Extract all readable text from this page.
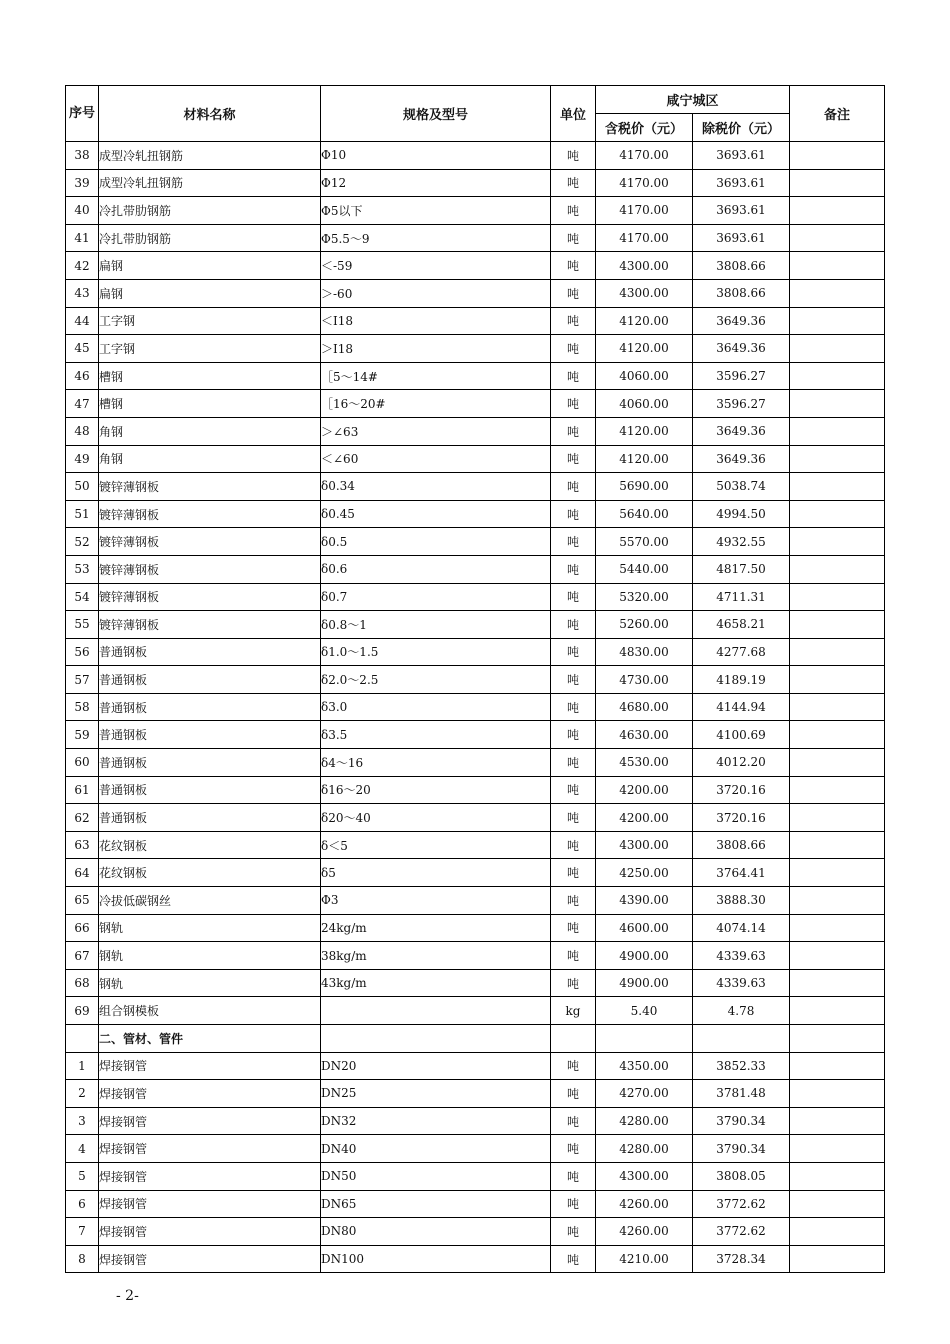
序号	材料名称	规格及型号	单位	咸宁城区		备注
				含税价（元）	除税价（元）	
38	成型冷轧扭钢筋	Φ10	吨	4170.00	3693.61	
39	成型冷轧扭钢筋	Φ12	吨	4170.00	3693.61	
40	冷扎带肋钢筋	Φ5以下	吨	4170.00	3693.61	
41	冷扎带肋钢筋	Φ5.5～9	吨	4170.00	3693.61	
42	扁钢	＜-59	吨	4300.00	3808.66	
43	扁钢	＞-60	吨	4300.00	3808.66	
44	工字钢	＜Ⅰ18	吨	4120.00	3649.36	
45	工字钢	＞Ⅰ18	吨	4120.00	3649.36	
46	槽钢	［5～14#	吨	4060.00	3596.27	
47	槽钢	［16～20#	吨	4060.00	3596.27	
48	角钢	＞∠63	吨	4120.00	3649.36	
49	角钢	＜∠60	吨	4120.00	3649.36	
50	镀锌薄钢板	δ0.34	吨	5690.00	5038.74	
51	镀锌薄钢板	δ0.45	吨	5640.00	4994.50	
52	镀锌薄钢板	δ0.5	吨	5570.00	4932.55	
53	镀锌薄钢板	δ0.6	吨	5440.00	4817.50	
54	镀锌薄钢板	δ0.7	吨	5320.00	4711.31	
55	镀锌薄钢板	δ0.8～1	吨	5260.00	4658.21	
56	普通钢板	δ1.0～1.5	吨	4830.00	4277.68	
57	普通钢板	δ2.0～2.5	吨	4730.00	4189.19	
58	普通钢板	δ3.0	吨	4680.00	4144.94	
59	普通钢板	δ3.5	吨	4630.00	4100.69	
60	普通钢板	δ4～16	吨	4530.00	4012.20	
61	普通钢板	δ16～20	吨	4200.00	3720.16	
62	普通钢板	δ20～40	吨	4200.00	3720.16	
63	花纹钢板	δ＜5	吨	4300.00	3808.66	
64	花纹钢板	δ5	吨	4250.00	3764.41	
65	冷拔低碳钢丝	Φ3	吨	4390.00	3888.30	
66	钢轨	24kg/m	吨	4600.00	4074.14	
67	钢轨	38kg/m	吨	4900.00	4339.63	
68	钢轨	43kg/m	吨	4900.00	4339.63	
69	组合钢模板		kg	5.40	4.78	
	二、管材、管件					
1	焊接钢管	DN20	吨	4350.00	3852.33	
2	焊接钢管	DN25	吨	4270.00	3781.48	
3	焊接钢管	DN32	吨	4280.00	3790.34	
4	焊接钢管	DN40	吨	4280.00	3790.34	
5	焊接钢管	DN50	吨	4300.00	3808.05	
6	焊接钢管	DN65	吨	4260.00	3772.62	
7	焊接钢管	DN80	吨	4260.00	3772.62	
8	焊接钢管	DN100	吨	4210.00	3728.34	
- 2-
